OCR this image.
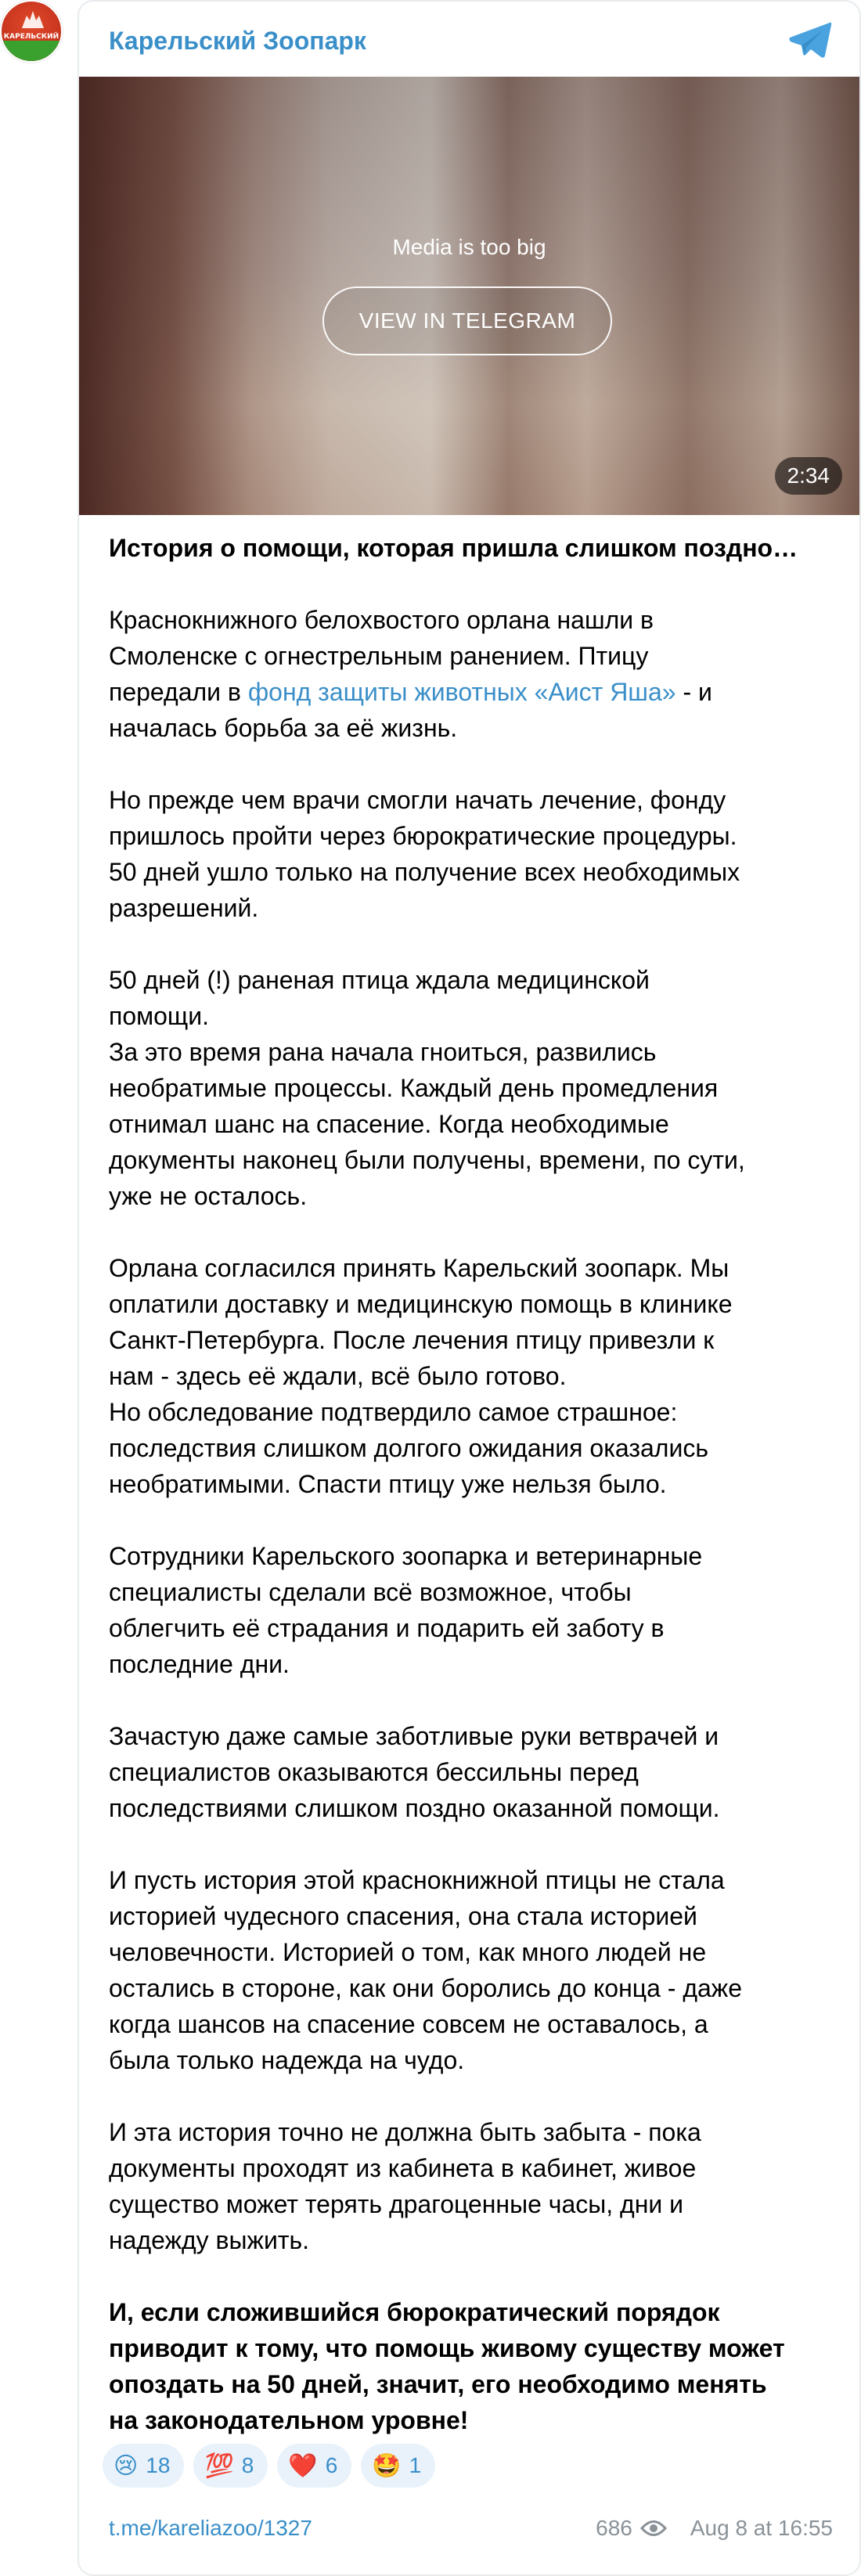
КАРЕЛЬСКИЙ Карельский Зоопарк
Media is too big
VIEW IN TELEGRAM
2:34
История о помощи, которая пришла слишком поздно…
Краснокнижного белохвостого орлана нашли в
Смоленске с огнестрельным ранением. Птицу
передали в фонд защиты животных «Аист Яша» - и
началась борьба за её жизнь.
Но прежде чем врачи смогли начать лечение, фонду
пришлось пройти через бюрократические процедуры.
50 дней ушло только на получение всех необходимых
разрешений.
50 дней (!) раненая птица ждала медицинской
помощи.
За это время рана начала гноиться, развились
необратимые процессы. Каждый день промедления
отнимал шанс на спасение. Когда необходимые
документы наконец были получены, времени, по сути,
уже не осталось.
Орлана согласился принять Карельский зоопарк. Мы
оплатили доставку и медицинскую помощь в клинике
Санкт-Петербурга. После лечения птицу привезли к
нам - здесь её ждали, всё было готово.
Но обследование подтвердило самое страшное:
последствия слишком долгого ожидания оказались
необратимыми. Спасти птицу уже нельзя было.
Сотрудники Карельского зоопарка и ветеринарные
специалисты сделали всё возможное, чтобы
облегчить её страдания и подарить ей заботу в
последние дни.
Зачастую даже самые заботливые руки ветврачей и
специалистов оказываются бессильны перед
последствиями слишком поздно оказанной помощи.
И пусть история этой краснокнижной птицы не стала
историей чудесного спасения, она стала историей
человечности. Историей о том, как много людей не
остались в стороне, как они боролись до конца - даже
когда шансов на спасение совсем не оставалось, а
была только надежда на чудо.
И эта история точно не должна быть забыта - пока
документы проходят из кабинета в кабинет, живое
существо может терять драгоценные часы, дни и
надежду выжить.
И, если сложившийся бюрократический порядок
приводит к тому, что помощь живому существу может
опоздать на 50 дней, значит, его необходимо менять
на законодательном уровне!
😢 18 💯 8 ❤️ 6 🤩 1
t.me/kareliazoo/1327	686	Aug 8 at 16:55
